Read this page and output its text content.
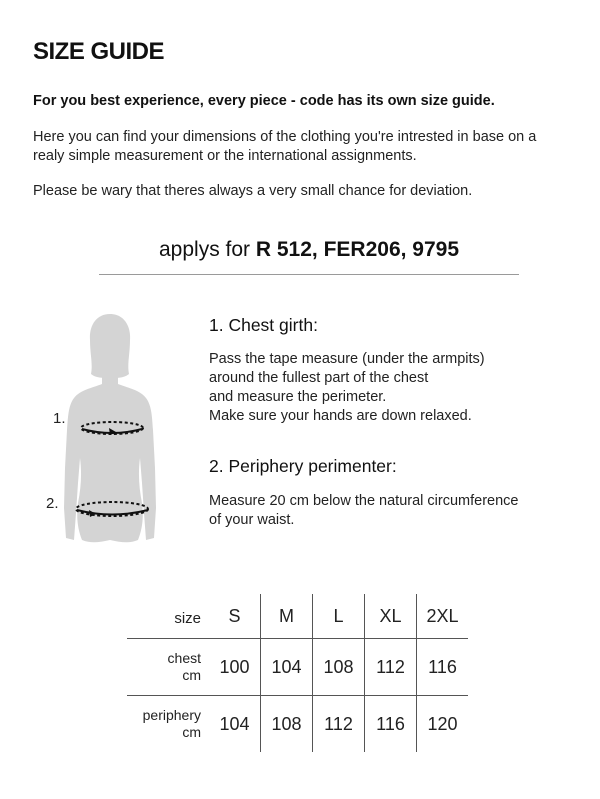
SIZE GUIDE

For you best experience, every piece - code has its own size guide.

Here you can find your dimensions of the clothing you're intrested in base on a
realy simple measurement or the international assignments.

Please be wary that theres always a very small chance for deviation.

applys for R 512, FER206, 9795
1.
2.
1. Chest girth:

Pass the tape measure (under the armpits)
around the fullest part of the chest
and measure the perimeter.
Make sure your hands are down relaxed.

2. Periphery perimenter:

Measure 20 cm below the natural circumference
of your waist.

size	S	M	L	XL	2XL

chest
cm	100	104	108	112	116

periphery
cm	104	108	112	116	120
